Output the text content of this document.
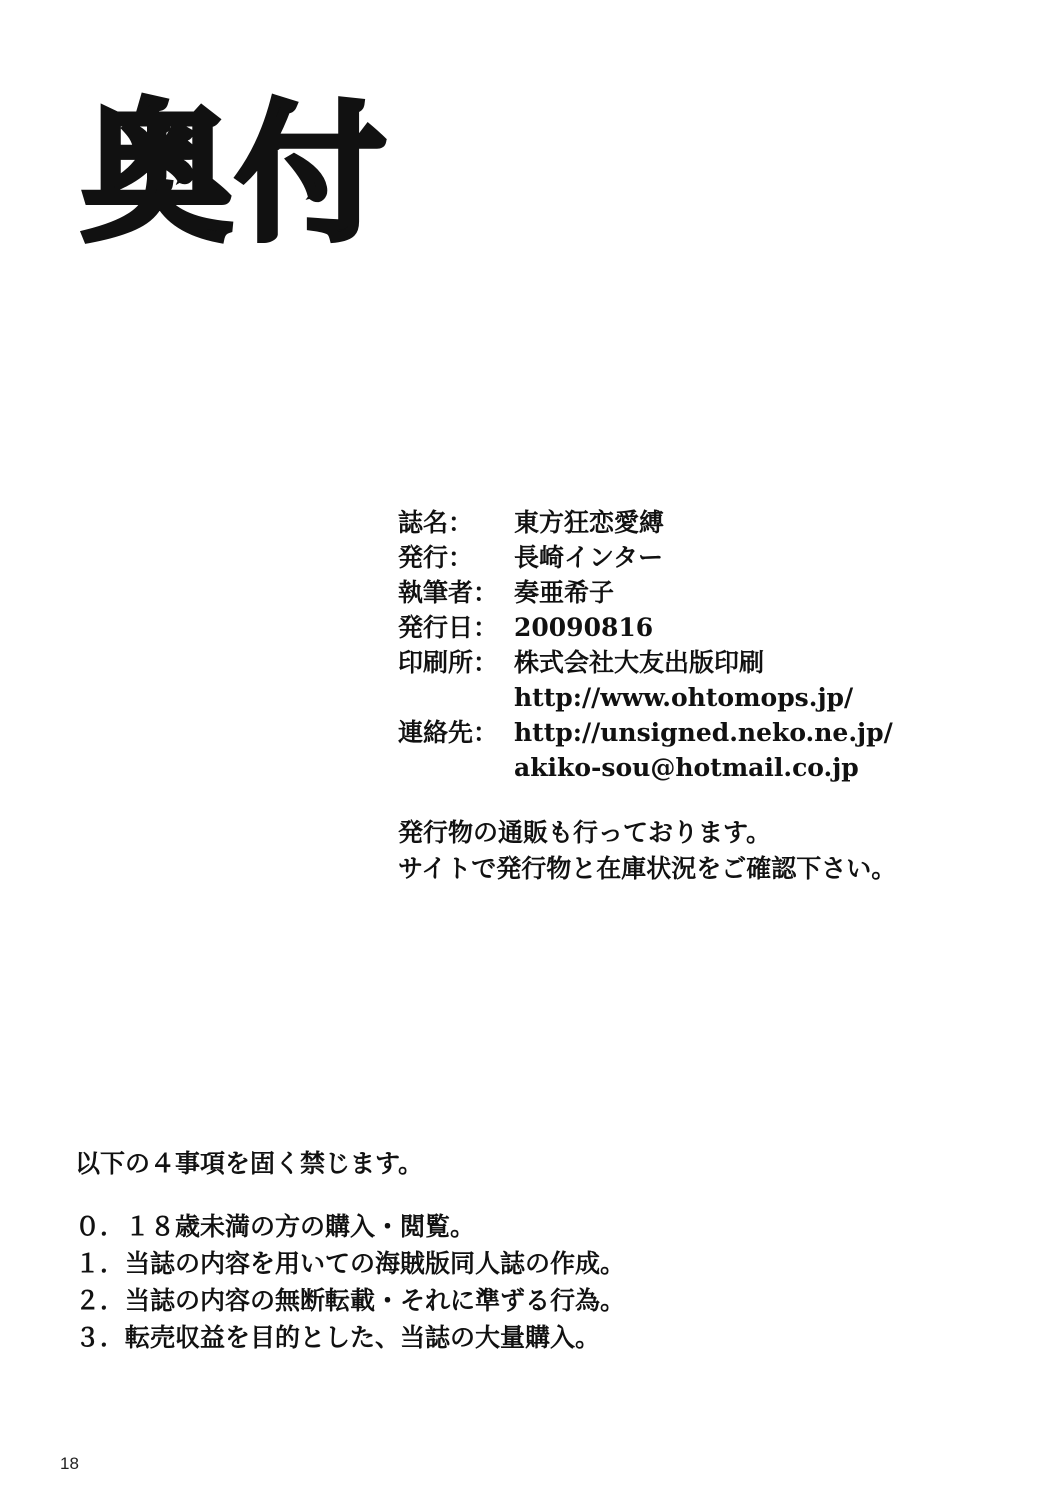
奥付
誌名：	東方狂恋愛縛
発行：	長崎インター
執筆者： 奏亜希子
発行日： 20090816
印刷所： 株式会社大友出版印刷
http://www.ohtomops.jp/
連絡先： http://unsigned.neko.ne.jp/
akiko-sou@hotmail.co.jp
発行物の通販も行っております。
サイトで発行物と在庫状況をご確認下さい。
以下の４事項を固く禁じます。
０．１８歳未満の方の購入・閲覧。
１．当誌の内容を用いての海賊版同人誌の作成。
２．当誌の内容の無断転載・それに準ずる行為。
３．転売収益を目的とした、当誌の大量購入。
18
